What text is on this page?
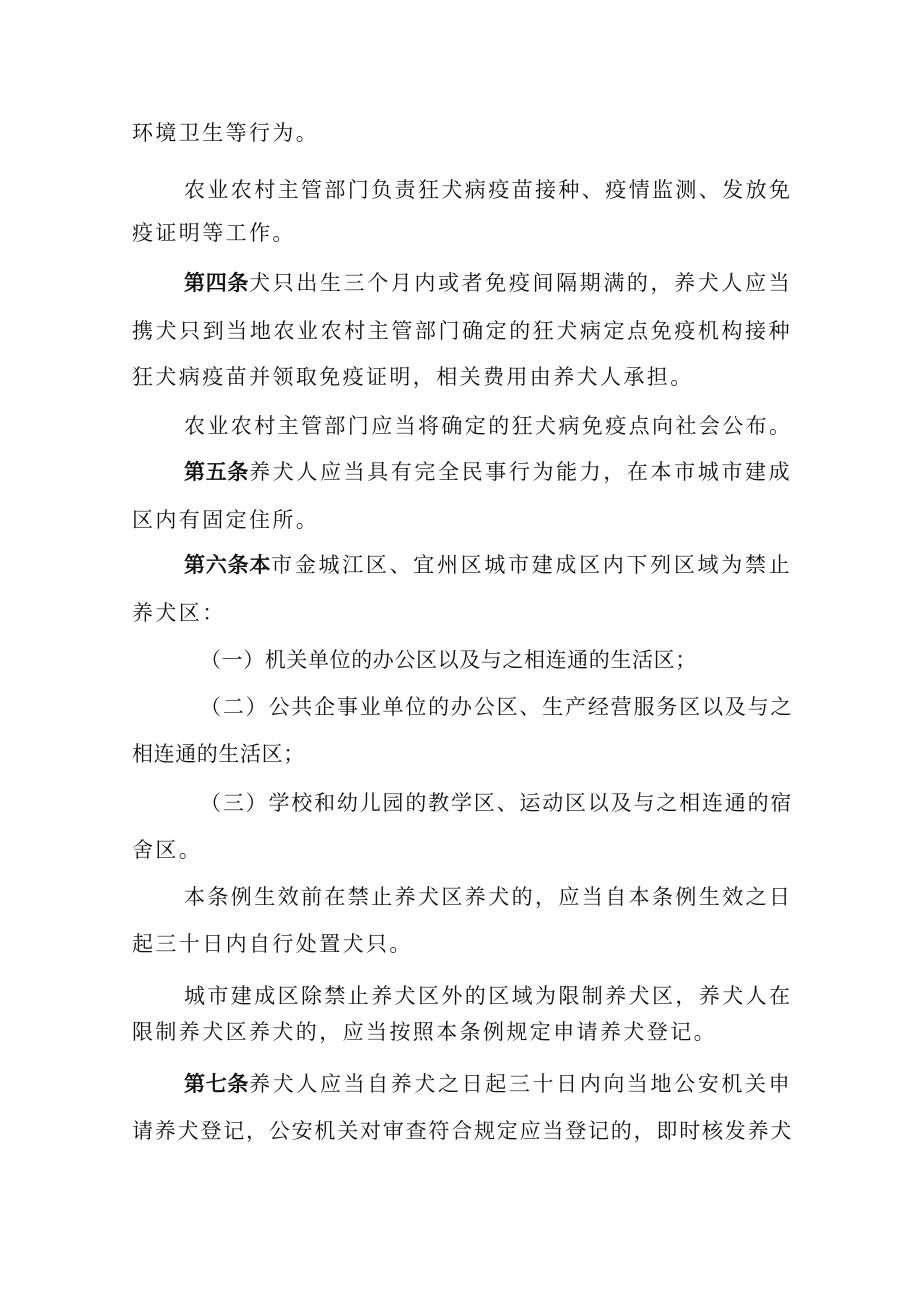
环境卫生等行为。
农业农村主管部门负责狂犬病疫苗接种、疫情监测、发放免
疫证明等工作。
第四条犬只出生三个月内或者免疫间隔期满的，养犬人应当
携犬只到当地农业农村主管部门确定的狂犬病定点免疫机构接种
狂犬病疫苗并领取免疫证明，相关费用由养犬人承担。
农业农村主管部门应当将确定的狂犬病免疫点向社会公布。
第五条养犬人应当具有完全民事行为能力，在本市城市建成
区内有固定住所。
第六条本市金城江区、宜州区城市建成区内下列区域为禁止
养犬区：
（一）机关单位的办公区以及与之相连通的生活区；
（二）公共企事业单位的办公区、生产经营服务区以及与之
相连通的生活区；
（三）学校和幼儿园的教学区、运动区以及与之相连通的宿
舍区。
本条例生效前在禁止养犬区养犬的，应当自本条例生效之日
起三十日内自行处置犬只。
城市建成区除禁止养犬区外的区域为限制养犬区，养犬人在
限制养犬区养犬的，应当按照本条例规定申请养犬登记。
第七条养犬人应当自养犬之日起三十日内向当地公安机关申
请养犬登记，公安机关对审查符合规定应当登记的，即时核发养犬
